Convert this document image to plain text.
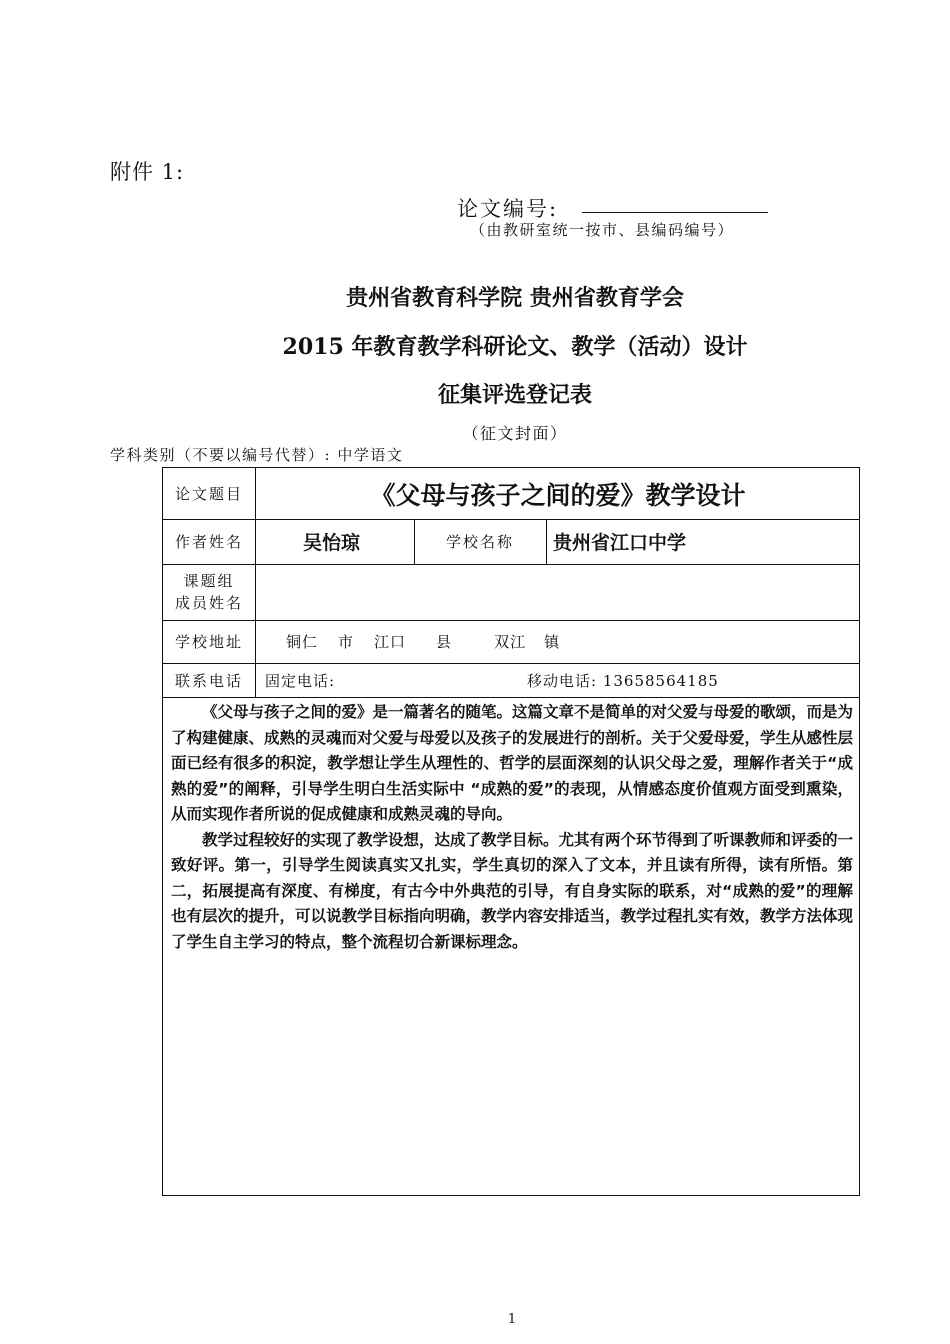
附件 1:
论文编号:
（由教研室统一按市、县编码编号）
贵州省教育科学院 贵州省教育学会
2015 年教育教学科研论文、教学（活动）设计
征集评选登记表
（征文封面）
学科类别（不要以编号代替）: 中学语文
论文题目	《父母与孩子之间的爱》教学设计
作者姓名	吴怡琼	学校名称	贵州省江口中学
课题组
成员姓名
学校地址	铜仁 市 江口 县	双江 镇
联系电话	固定电话:	移动电话: 13658564185

《父母与孩子之间的爱》是一篇著名的随笔。这篇文章不是简单的对父爱与母爱的歌颂，而是为了构建健康、成熟的灵魂而对父爱与母爱以及孩子的发展进行的剖析。关于父爱母爱，学生从感性层面已经有很多的积淀，教学想让学生从理性的、哲学的层面深刻的认识父母之爱，理解作者关于“成熟的爱”的阐释，引导学生明白生活实际中 “成熟的爱”的表现，从情感态度价值观方面受到熏染，从而实现作者所说的促成健康和成熟灵魂的导向。

教学过程较好的实现了教学设想，达成了教学目标。尤其有两个环节得到了听课教师和评委的一致好评。第一，引导学生阅读真实又扎实，学生真切的深入了文本，并且读有所得，读有所悟。第二，拓展提高有深度、有梯度，有古今中外典范的引导，有自身实际的联系，对“成熟的爱”的理解也有层次的提升，可以说教学目标指向明确，教学内容安排适当，教学过程扎实有效，教学方法体现了学生自主学习的特点，整个流程切合新课标理念。

1
